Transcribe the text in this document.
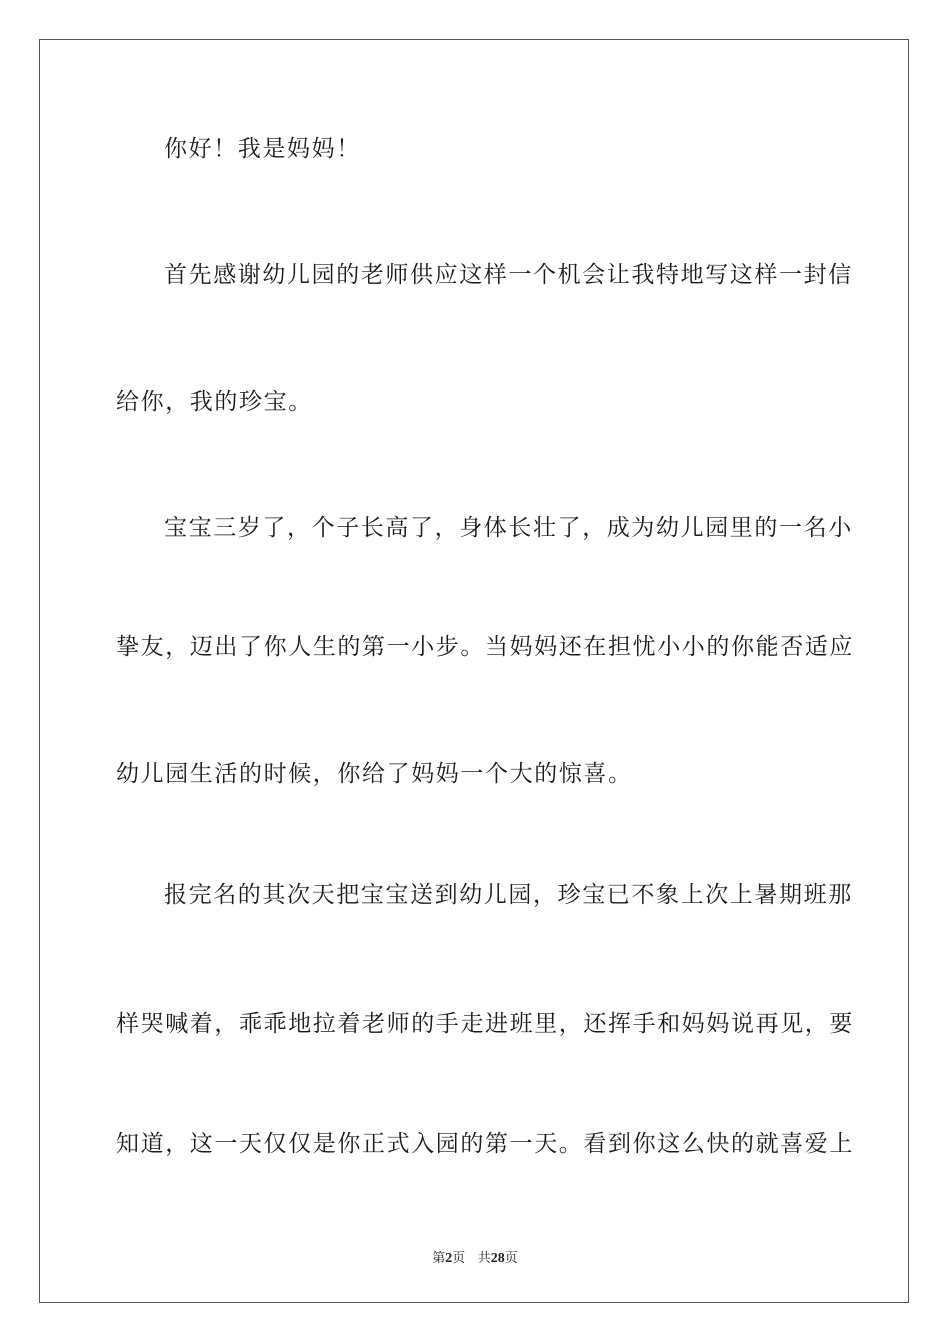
你好！我是妈妈！
首先感谢幼儿园的老师供应这样一个机会让我特地写这样一封信
给你，我的珍宝。
宝宝三岁了，个子长高了，身体长壮了，成为幼儿园里的一名小
挚友，迈出了你人生的第一小步。当妈妈还在担忧小小的你能否适应
幼儿园生活的时候，你给了妈妈一个大的惊喜。
报完名的其次天把宝宝送到幼儿园，珍宝已不象上次上暑期班那
样哭喊着，乖乖地拉着老师的手走进班里，还挥手和妈妈说再见，要
知道，这一天仅仅是你正式入园的第一天。看到你这么快的就喜爱上
第2页 共28页
